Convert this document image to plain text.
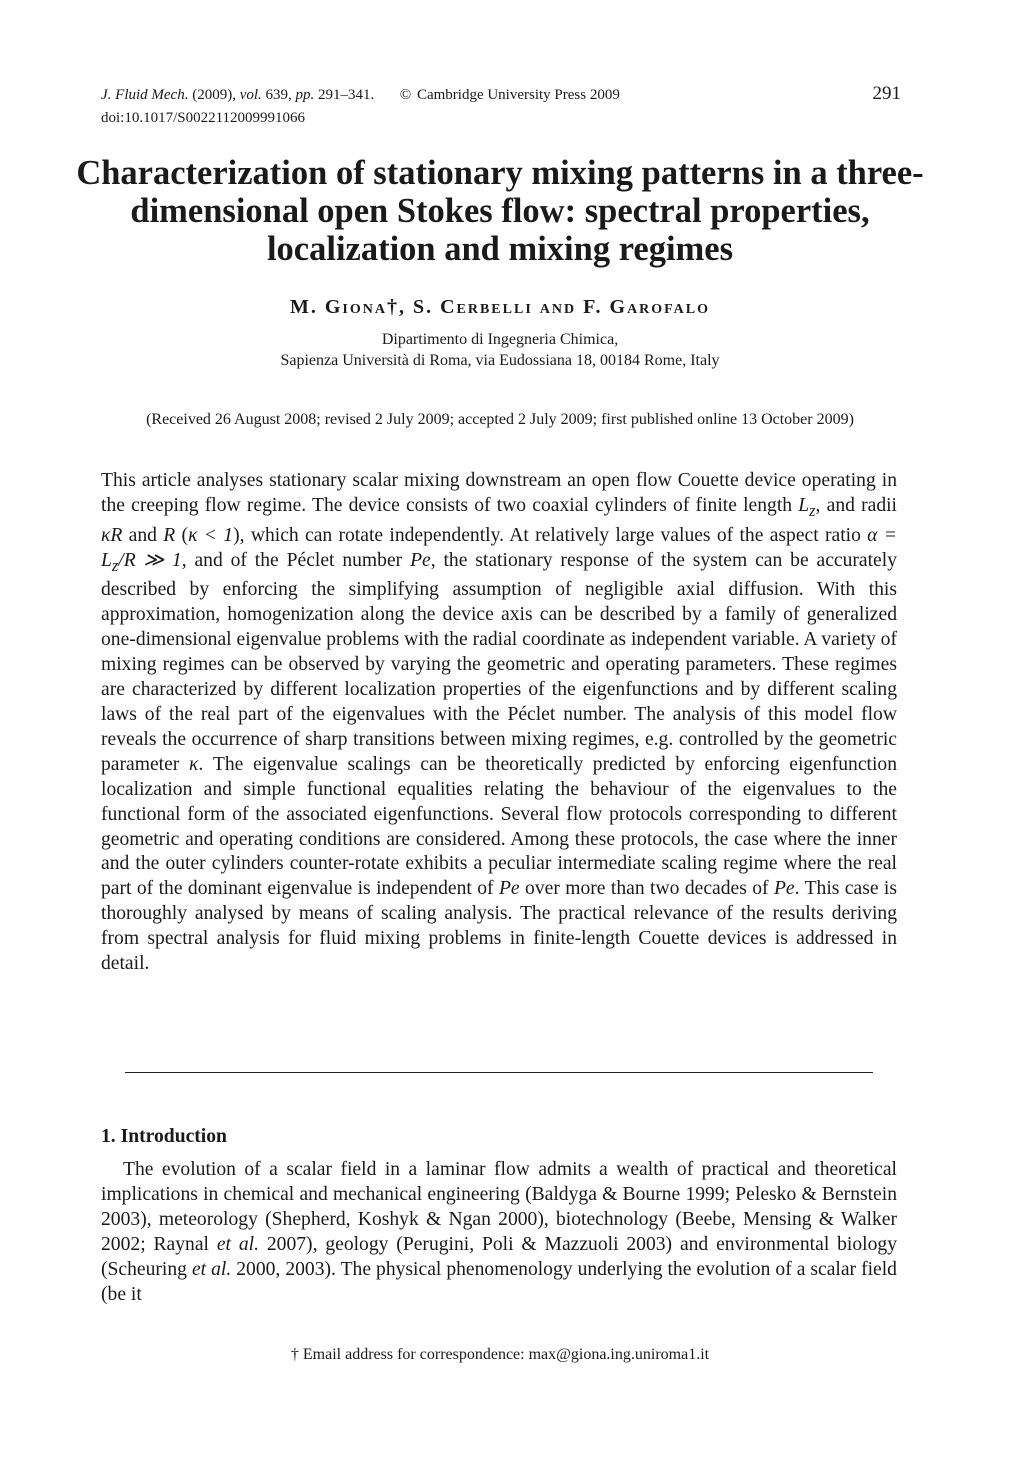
J. Fluid Mech. (2009), vol. 639, pp. 291–341. © Cambridge University Press 2009
doi:10.1017/S0022112009991066
291
Characterization of stationary mixing patterns in a three-dimensional open Stokes flow: spectral properties, localization and mixing regimes
M. Giona†, S. Cerbelli and F. Garofalo
Dipartimento di Ingegneria Chimica,
Sapienza Università di Roma, via Eudossiana 18, 00184 Rome, Italy
(Received 26 August 2008; revised 2 July 2009; accepted 2 July 2009; first published online 13 October 2009)

This article analyses stationary scalar mixing downstream an open flow Couette device operating in the creeping flow regime. The device consists of two coaxial cylinders of finite length $L_z$, and radii κR and R (κ < 1), which can rotate independently. At relatively large values of the aspect ratio $\alpha = L_z/R$ ≫ 1, and of the Péclet number Pe, the stationary response of the system can be accurately described by enforcing the simplifying assumption of negligible axial diffusion. With this approximation, homogenization along the device axis can be described by a family of generalized one-dimensional eigenvalue problems with the radial coordinate as independent variable. A variety of mixing regimes can be observed by varying the geometric and operating parameters. These regimes are characterized by different localization properties of the eigenfunctions and by different scaling laws of the real part of the eigenvalues with the Péclet number. The analysis of this model flow reveals the occurrence of sharp transitions between mixing regimes, e.g. controlled by the geometric parameter κ. The eigenvalue scalings can be theoretically predicted by enforcing eigenfunction localization and simple functional equalities relating the behaviour of the eigenvalues to the functional form of the associated eigenfunctions. Several flow protocols corresponding to different geometric and operating conditions are considered. Among these protocols, the case where the inner and the outer cylinders counter-rotate exhibits a peculiar intermediate scaling regime where the real part of the dominant eigenvalue is independent of Pe over more than two decades of Pe. This case is thoroughly analysed by means of scaling analysis. The practical relevance of the results deriving from spectral analysis for fluid mixing problems in finite-length Couette devices is addressed in detail.

1. Introduction

The evolution of a scalar field in a laminar flow admits a wealth of practical and theoretical implications in chemical and mechanical engineering (Baldyga & Bourne 1999; Pelesko & Bernstein 2003), meteorology (Shepherd, Koshyk & Ngan 2000), biotechnology (Beebe, Mensing & Walker 2002; Raynal et al. 2007), geology (Perugini, Poli & Mazzuoli 2003) and environmental biology (Scheuring et al. 2000, 2003). The physical phenomenology underlying the evolution of a scalar field (be it

† Email address for correspondence: max@giona.ing.uniroma1.it
